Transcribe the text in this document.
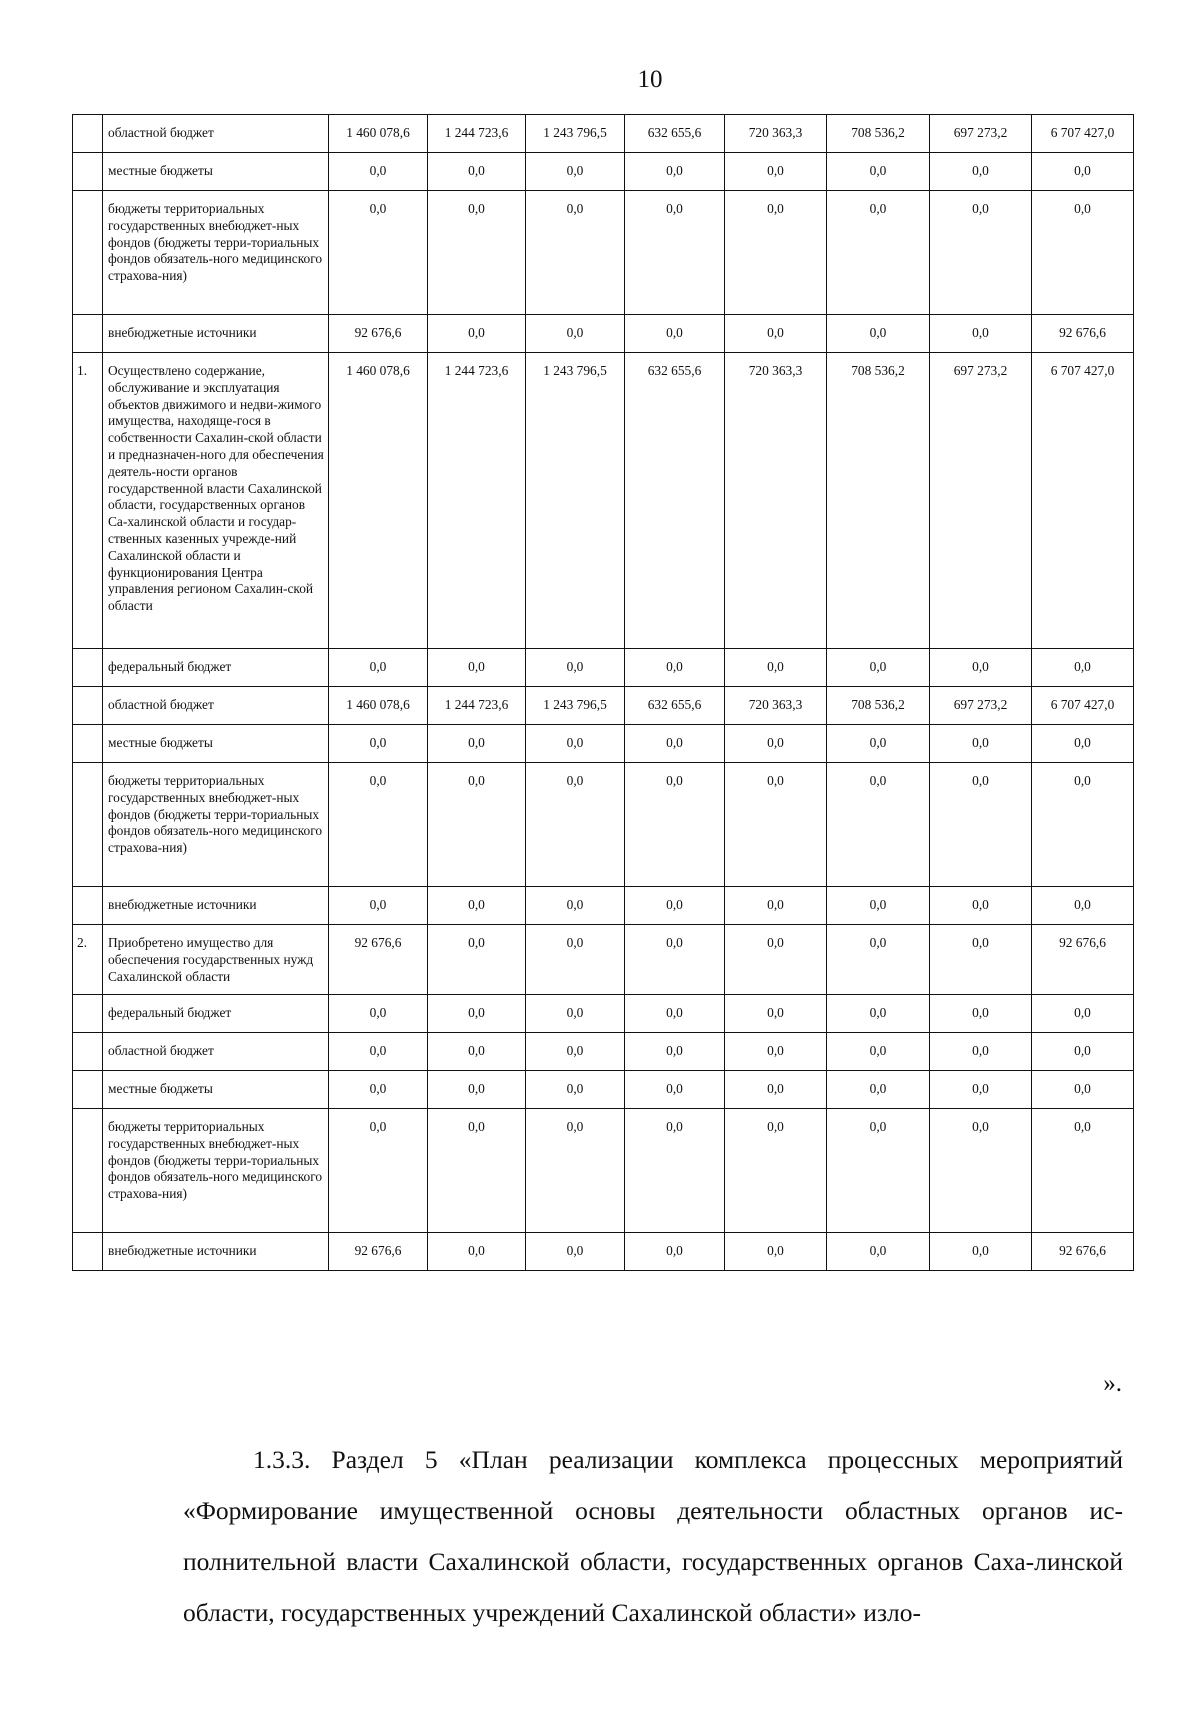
10
	областной бюджет	1 460 078,6	1 244 723,6	1 243 796,5	632 655,6	720 363,3	708 536,2	697 273,2	6 707 427,0
	местные бюджеты	0,0	0,0	0,0	0,0	0,0	0,0	0,0	0,0
	бюджеты территориальных государственных внебюджет-ных фондов (бюджеты терри-ториальных фондов обязатель-ного медицинского страхова-ния)	0,0	0,0	0,0	0,0	0,0	0,0	0,0	0,0
	внебюджетные источники	92 676,6	0,0	0,0	0,0	0,0	0,0	0,0	92 676,6
1.	Осуществлено содержание, обслуживание и эксплуатация объектов движимого и недви-жимого имущества, находяще-гося в собственности Сахалин-ской области и предназначен-ного для обеспечения деятель-ности органов государственной власти Сахалинской области, государственных органов Са-халинской области и государ-ственных казенных учрежде-ний Сахалинской области и функционирования Центра управления регионом Сахалин-ской области	1 460 078,6	1 244 723,6	1 243 796,5	632 655,6	720 363,3	708 536,2	697 273,2	6 707 427,0
	федеральный бюджет	0,0	0,0	0,0	0,0	0,0	0,0	0,0	0,0
	областной бюджет	1 460 078,6	1 244 723,6	1 243 796,5	632 655,6	720 363,3	708 536,2	697 273,2	6 707 427,0
	местные бюджеты	0,0	0,0	0,0	0,0	0,0	0,0	0,0	0,0
	бюджеты территориальных государственных внебюджет-ных фондов (бюджеты терри-ториальных фондов обязатель-ного медицинского страхова-ния)	0,0	0,0	0,0	0,0	0,0	0,0	0,0	0,0
	внебюджетные источники	0,0	0,0	0,0	0,0	0,0	0,0	0,0	0,0
2.	Приобретено имущество для обеспечения государственных нужд Сахалинской области	92 676,6	0,0	0,0	0,0	0,0	0,0	0,0	92 676,6
	федеральный бюджет	0,0	0,0	0,0	0,0	0,0	0,0	0,0	0,0
	областной бюджет	0,0	0,0	0,0	0,0	0,0	0,0	0,0	0,0
	местные бюджеты	0,0	0,0	0,0	0,0	0,0	0,0	0,0	0,0
	бюджеты территориальных государственных внебюджет-ных фондов (бюджеты терри-ториальных фондов обязатель-ного медицинского страхова-ния)	0,0	0,0	0,0	0,0	0,0	0,0	0,0	0,0
	внебюджетные источники	92 676,6	0,0	0,0	0,0	0,0	0,0	0,0	92 676,6
».

1.3.3. Раздел 5 «План реализации комплекса процессных мероприятий «Формирование имущественной основы деятельности областных органов ис-полнительной власти Сахалинской области, государственных органов Саха-линской области, государственных учреждений Сахалинской области» изло-
